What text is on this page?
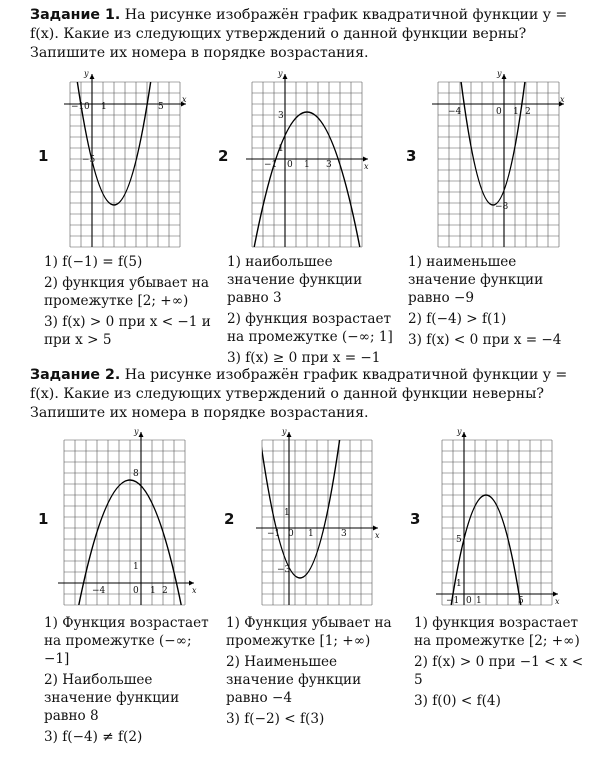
Задание 1. На рисунке изображён график квадратичной функции y = f(x). Какие из следующих утверждений о данной функции верны? Запишите их номера в порядке возрастания.
1	2	3
y
x
−1 0 1	5
−5
y
x
3
1
−1 0 1 3
y
x
−4	0 1 2
−8
1) f(−1) = f(5)
2) функция убывает на промежутке [2; +∞)
3) f(x) > 0 при x < −1 и при x > 5
1) наибольшее значение функции равно 3
2) функция возрастает на промежутке (−∞; 1]
3) f(x) ≥ 0 при x = −1
1) наименьшее значение функции равно −9
2) f(−4) > f(1)
3) f(x) < 0 при x = −4
Задание 2. На рисунке изображён график квадратичной функции y = f(x). Какие из следующих утверждений о данной функции неверны? Запишите их номера в порядке возрастания.
1	2	3
y
x
8
1
−4	0 1 2
y
x
1
−1 0 1	3
−3
y
x
5
1
−1 0 1	5
1) Функция возрастает на промежутке (−∞; −1]
2) Наибольшее значение функции равно 8
3) f(−4) ≠ f(2)
1) Функция убывает на промежутке [1; +∞)
2) Наименьшее значение функции равно −4
3) f(−2) < f(3)
1) функция возрастает на промежутке [2; +∞)
2) f(x) > 0 при −1 < x < 5
3) f(0) < f(4)
